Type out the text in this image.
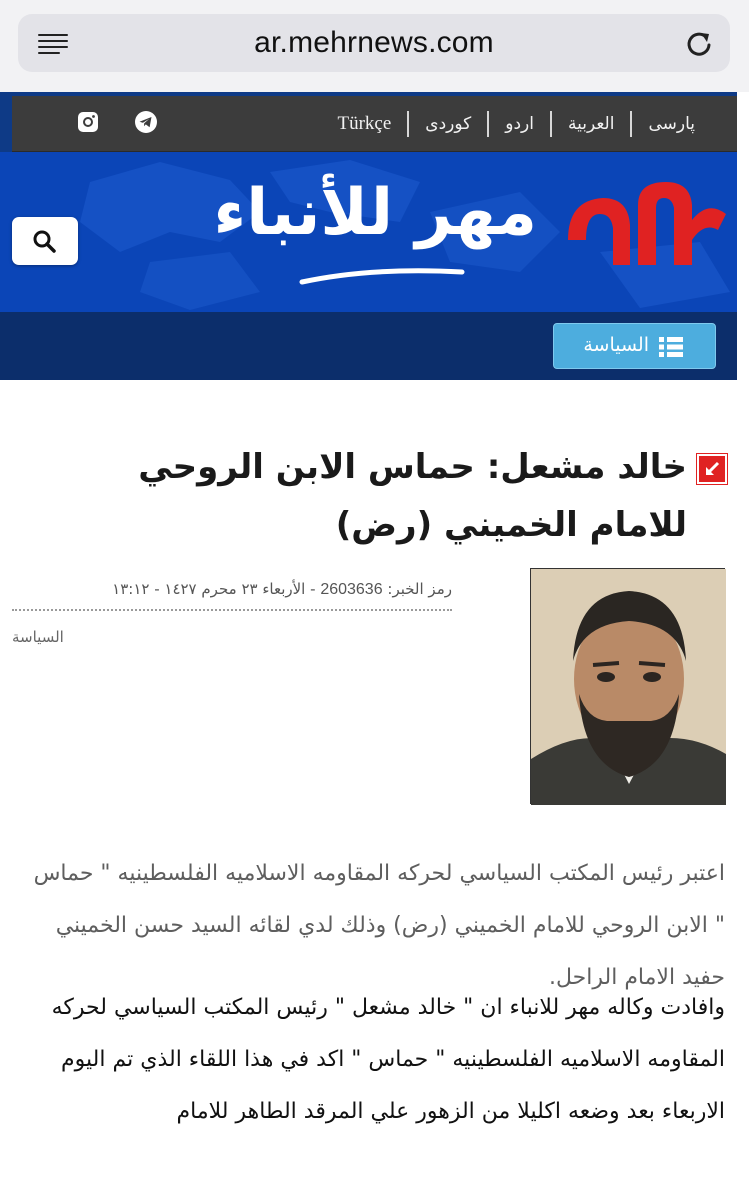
ar.mehrnews.com
پارسی
العربية
اردو
کوردی
Türkçe
مهر للأنباء
السياسة
خالد مشعل: حماس الابن الروحي للامام الخميني (رض)
رمز الخبر: 2603636 - الأربعاء ٢٣ محرم ١٤٢٧ - ١٣:١٢
السياسة

اعتبر رئيس المكتب السياسي لحركه المقاومه الاسلاميه الفلسطينيه " حماس " الابن الروحي للامام الخميني (رض) وذلك لدي لقائه السيد حسن الخميني حفيد الامام الراحل.

وافادت وكاله مهر للانباء ان " خالد مشعل " رئيس المكتب السياسي لحركه المقاومه الاسلاميه الفلسطينيه " حماس " اكد في هذا اللقاء الذي تم اليوم الاربعاء بعد وضعه اكليلا من الزهور علي المرقد الطاهر للامام
